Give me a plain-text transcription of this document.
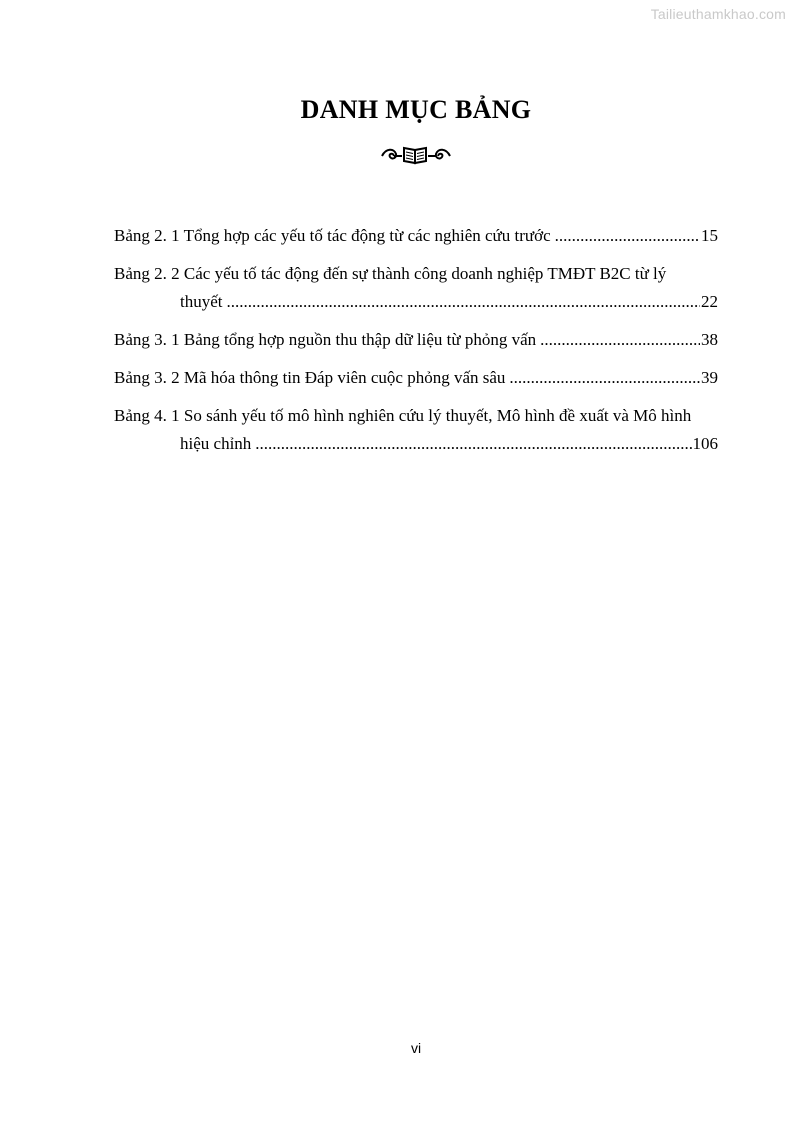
Tailieuthamkhao.com
DANH MỤC BẢNG
Bảng 2. 1 Tổng hợp các yếu tố tác động từ các nghiên cứu trước .....	15
Bảng 2. 2 Các yếu tố tác động đến sự thành công doanh nghiệp TMĐT B2C từ lý
thuyết .....	22
Bảng 3. 1 Bảng tổng hợp nguồn thu thập dữ liệu từ phỏng vấn .....	38
Bảng 3. 2 Mã hóa thông tin Đáp viên cuộc phỏng vấn sâu .....	39
Bảng 4. 1 So sánh yếu tố mô hình nghiên cứu lý thuyết, Mô hình đề xuất và Mô hình
hiệu chỉnh .....	106
vi
